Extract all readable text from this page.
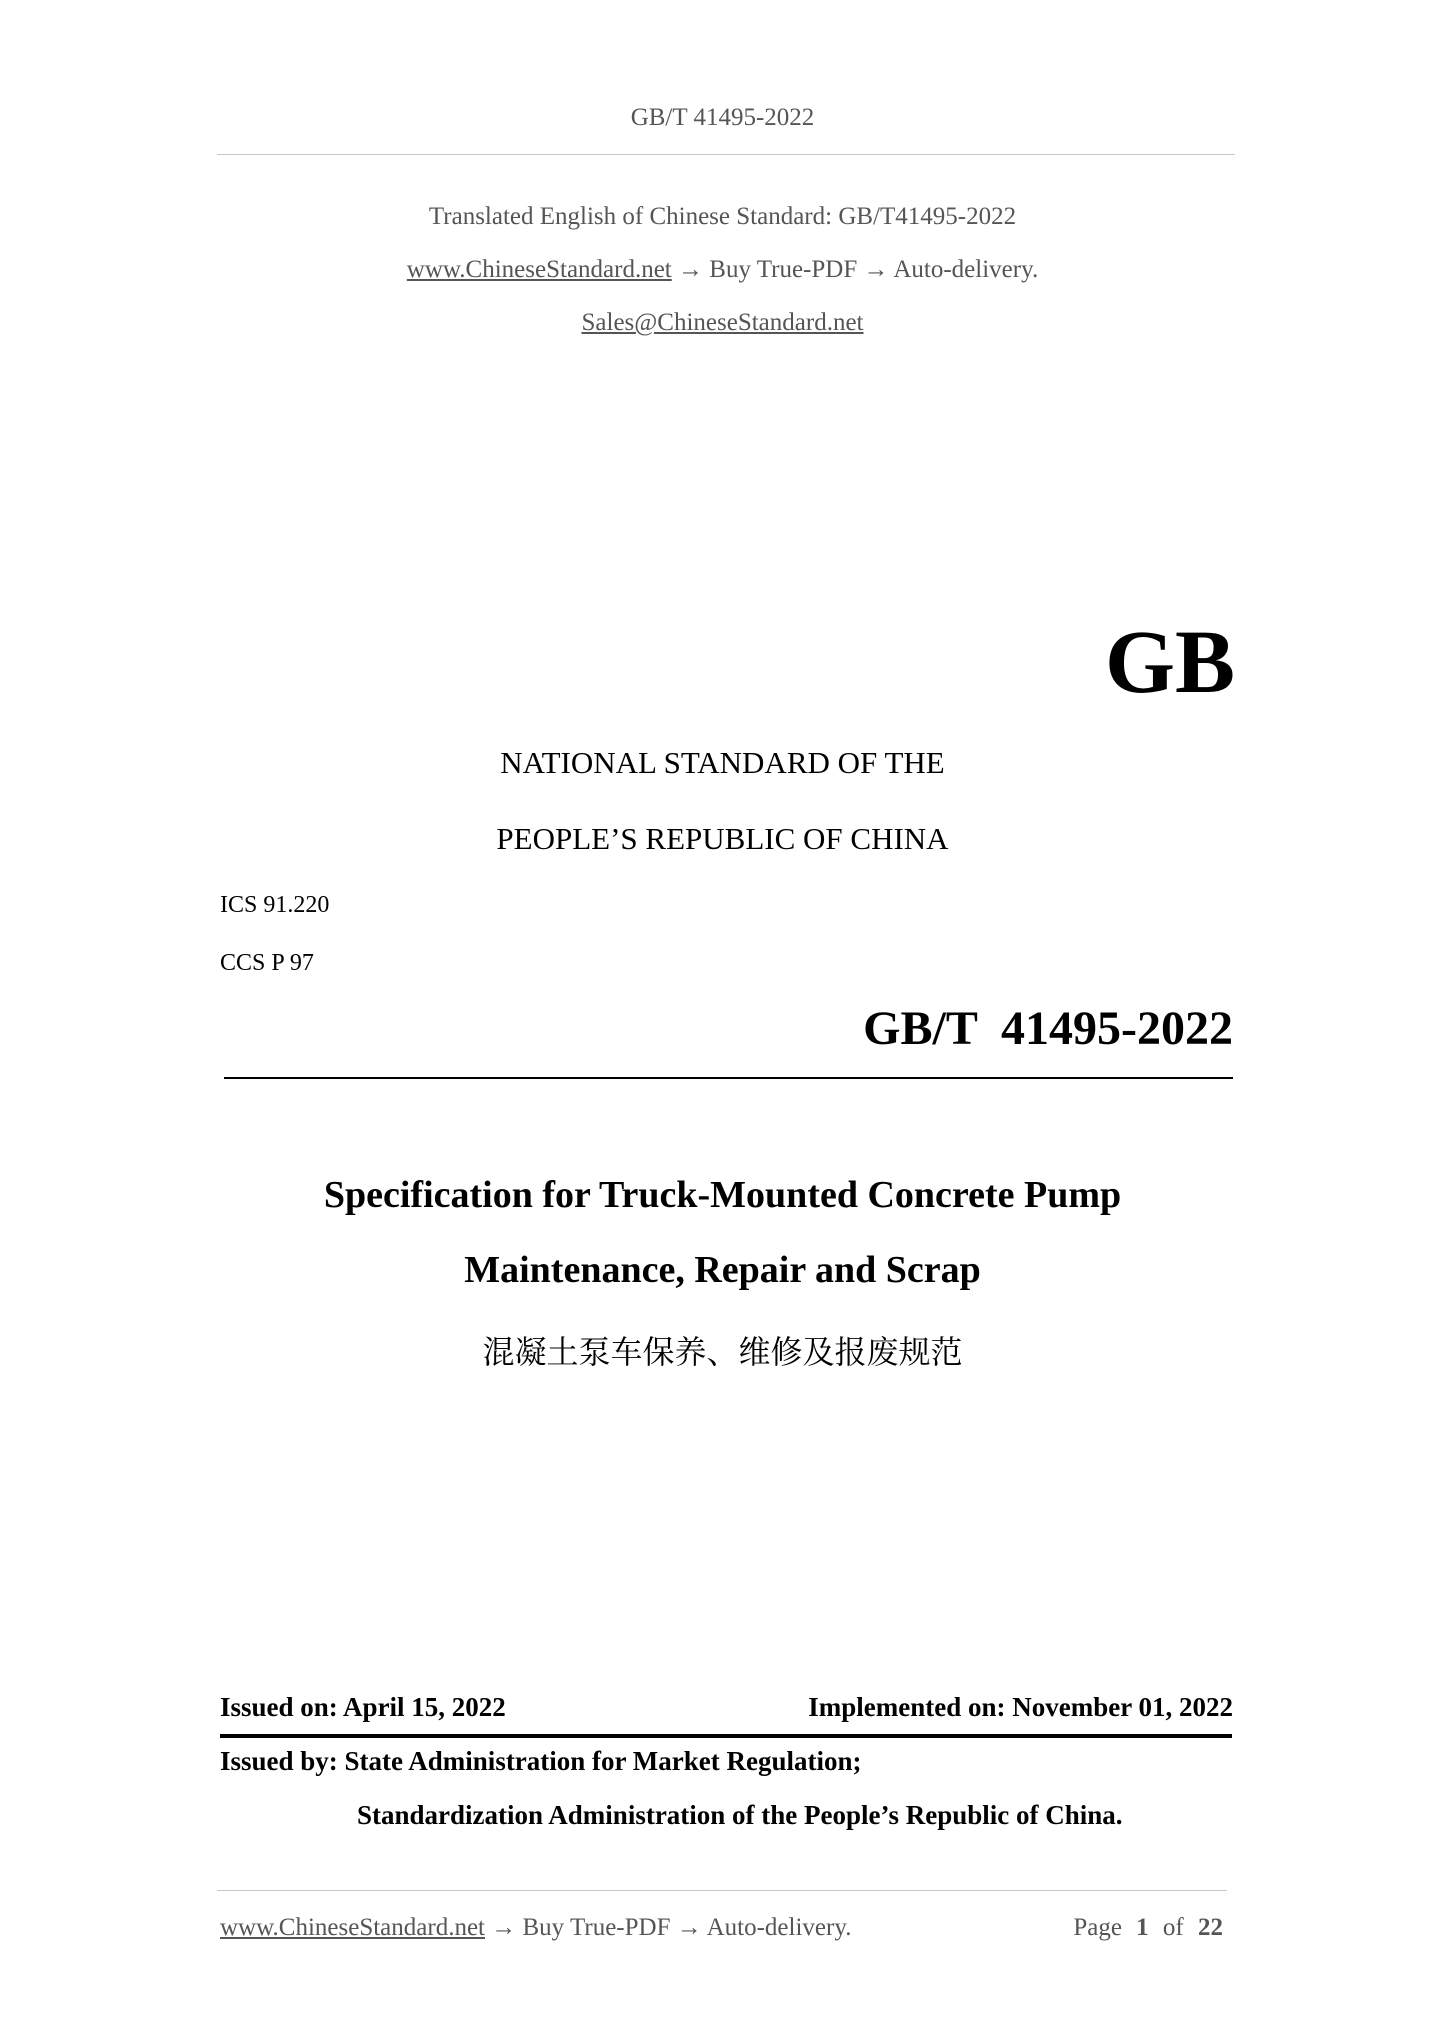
GB/T 41495-2022
Translated English of Chinese Standard: GB/T41495-2022
www.ChineseStandard.net → Buy True-PDF → Auto-delivery.
Sales@ChineseStandard.net
GB
NATIONAL STANDARD OF THE
PEOPLE’S REPUBLIC OF CHINA
ICS 91.220
CCS P 97
GB/T  41495-2022
Specification for Truck-Mounted Concrete Pump
Maintenance, Repair and Scrap
混凝土泵车保养、维修及报废规范
Issued on: April 15, 2022	Implemented on: November 01, 2022
Issued by: State Administration for Market Regulation;
Standardization Administration of the People’s Republic of China.
www.ChineseStandard.net → Buy True-PDF → Auto-delivery.	Page 1 of 22
